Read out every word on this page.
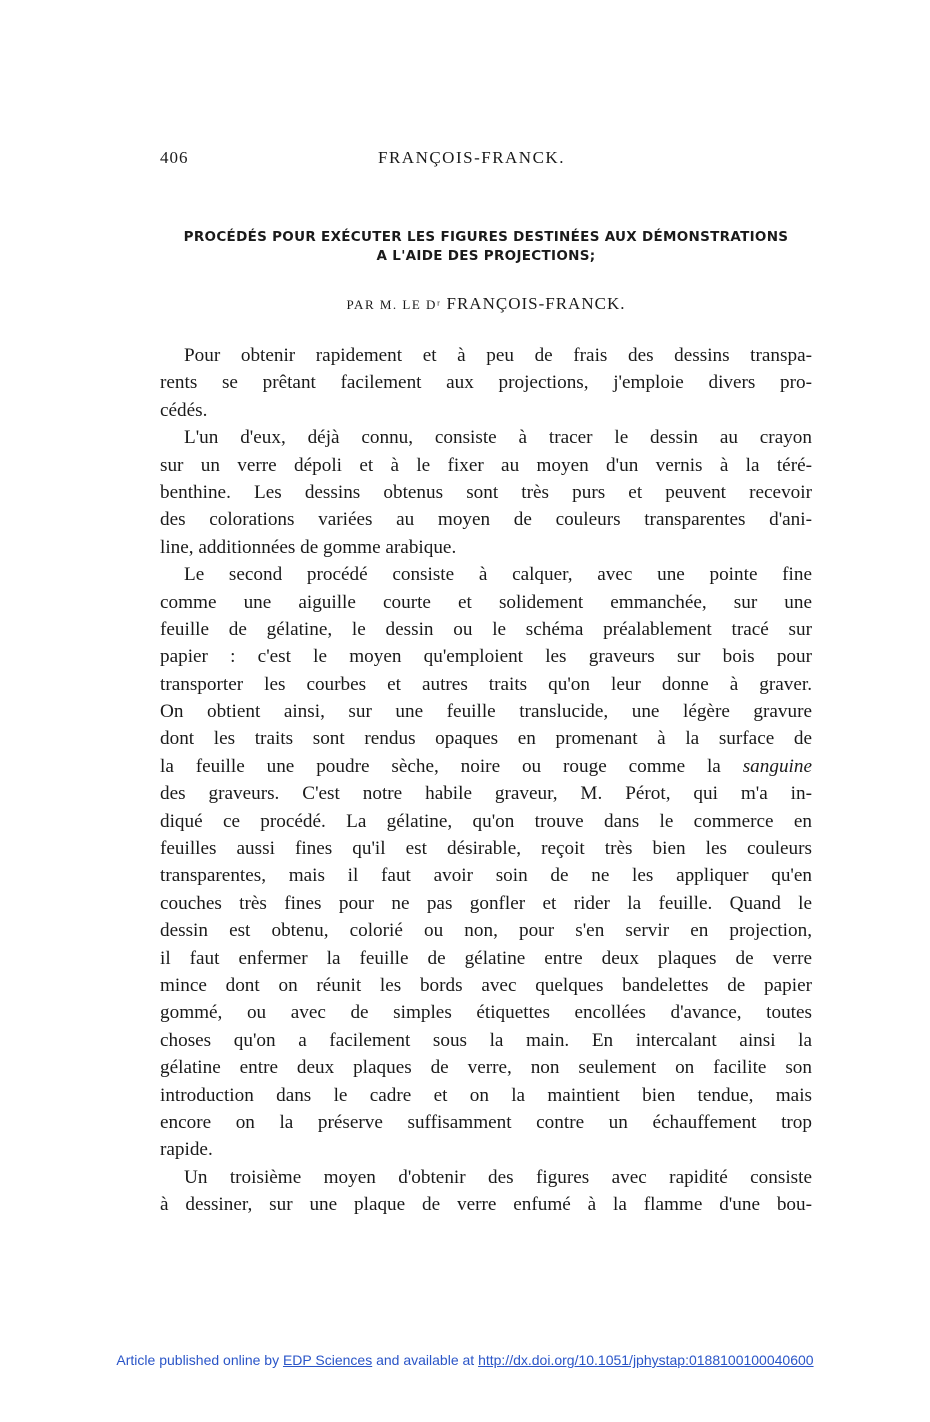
406	FRANÇOIS-FRANCK.
PROCÉDÉS POUR EXÉCUTER LES FIGURES DESTINÉES AUX DÉMONSTRATIONS
A L'AIDE DES PROJECTIONS;
PAR M. LE Dʳ FRANÇOIS-FRANCK.
Pour obtenir rapidement et à peu de frais des dessins transpa-
rents se prêtant facilement aux projections, j'emploie divers pro-
cédés.
L'un d'eux, déjà connu, consiste à tracer le dessin au crayon
sur un verre dépoli et à le fixer au moyen d'un vernis à la téré-
benthine. Les dessins obtenus sont très purs et peuvent recevoir
des colorations variées au moyen de couleurs transparentes d'ani-
line, additionnées de gomme arabique.
Le second procédé consiste à calquer, avec une pointe fine
comme une aiguille courte et solidement emmanchée, sur une
feuille de gélatine, le dessin ou le schéma préalablement tracé sur
papier : c'est le moyen qu'emploient les graveurs sur bois pour
transporter les courbes et autres traits qu'on leur donne à graver.
On obtient ainsi, sur une feuille translucide, une légère gravure
dont les traits sont rendus opaques en promenant à la surface de
la feuille une poudre sèche, noire ou rouge comme la sanguine
des graveurs. C'est notre habile graveur, M. Pérot, qui m'a in-
diqué ce procédé. La gélatine, qu'on trouve dans le commerce en
feuilles aussi fines qu'il est désirable, reçoit très bien les couleurs
transparentes, mais il faut avoir soin de ne les appliquer qu'en
couches très fines pour ne pas gonfler et rider la feuille. Quand le
dessin est obtenu, colorié ou non, pour s'en servir en projection,
il faut enfermer la feuille de gélatine entre deux plaques de verre
mince dont on réunit les bords avec quelques bandelettes de papier
gommé, ou avec de simples étiquettes encollées d'avance, toutes
choses qu'on a facilement sous la main. En intercalant ainsi la
gélatine entre deux plaques de verre, non seulement on facilite son
introduction dans le cadre et on la maintient bien tendue, mais
encore on la préserve suffisamment contre un échauffement trop
rapide.
Un troisième moyen d'obtenir des figures avec rapidité consiste
à dessiner, sur une plaque de verre enfumé à la flamme d'une bou-
Article published online by EDP Sciences and available at http://dx.doi.org/10.1051/jphystap:0188100100040600
